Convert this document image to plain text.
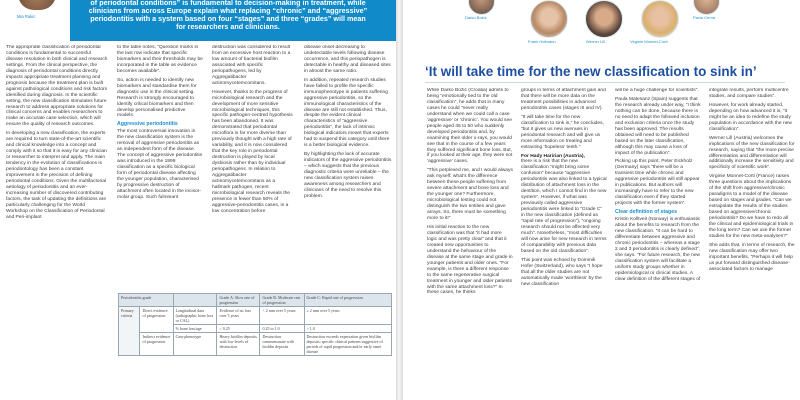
Mia Rakic
of periodontal conditions” is fundamental to decision-making in treatment, while clinicians from across Europe explain what replacing “chronic” and “aggressive” periodontitis with a system based on four “stages” and three “grades” will mean for researchers and clinicians.

The appropriate classification of periodontal conditions is fundamental to successful disease resolution in both clinical and research settings. From the clinical perspective, the diagnosis of periodontal conditions directly impacts appropriate treatment planning and prognosis because the treatment plan is built against pathological conditions and risk factors identified during diagnosis. In the scientific setting, the new classification stimulates future research to address appropriate solutions for clinical concerns and enables researchers to make an accurate case selection, which will ensure the quality of research outcomes.

In developing a new classification, the experts are required to turn state-of-the-art scientific and clinical knowledge into a concept and comply with it so that it is easy for any clinician or researcher to interpret and apply. The main tendency in the evolution of classifications is periodontology has been a constant improvement in the precision of defining periodontal conditions. Given the multifactorial aetiology of periodontitis and an ever-increasing number of discovered contributing factors, the task of updating the definitions are particularly challenging for the World Workshop on the Classification of Periodontal and Peri-implant

to the table notes, “Question marks in the last row indicate that specific biomarkers and their thresholds may be incorporated in the table as evidence becomes available”.

So, action is needed to identify new biomarkers and standardise them for diagnostic use in the clinical setting. Research is strongly encouraged to identify critical biomarkers and then develop personalised predictive models.

Aggressive periodontitis

The most controversial innovation in the new classification system is the removal of aggressive periodontitis as an independent form of the disease. The concept of aggressive periodontitis was introduced in the 1999 classification as a specific biological form of periodontal disease affecting the younger population, characterised by progressive destruction of attachment often located in the incisor-molar group. Such fulminant

destruction was considered to result from an excessive host reaction to a low amount of bacterial biofilm associated with specific periopathogens, led by Aggregatibacter actinomycetemcomitans.

However, thanks to the progress of microbiological research and the development of more sensitive microbiological techniques, this specific pathogen-centred hypothesis has been abandoned. It was demonstrated that periodontal microflora is far more diverse than previously thought with a high rate of variability, and it is now considered that the key role in periodontal destruction is played by local dysbiosis rather than by individual periopathogens. In relation to Aggregatibacter actinomycetemcomitans as a hallmark pathogen, recent microbiological research reveals the presence in fewer than 50% of aggressive-periodontitis cases, in a low concentration before

disease onset decreasing to undetectable levels following disease occurrence, and this periopathogen is detectable in healthy and diseased sites in almost the same ratio.

In addition, repeated research studies have failed to profile the specific immunophenotype in patients suffering aggressive periodontitis, so the immunological characteristics of the disease are still not established. Thus, despite the evident clinical characteristics of “aggressive periodontitis”, the lack of intrinsic biological indicators meant that experts had to suspend this category until there is a better biological evidence.

By highlighting the lack of accurate indicators of the aggressive periodontitis – which suggests that the previous diagnostic criteria were unreliable – the new classification system raises awareness among researchers and clinicians of the need to resolve this problem.

Periodontitis grade			Grade A: Slow rate of progression	Grade B: Moderate rate of progression	Grade C: Rapid rate of progression
Primary criteria	Direct evidence of progression	Longitudinal data (radiographic bone loss or CAL)	Evidence of no loss over 5 years	< 2 mm over 5 years	≥ 2 mm over 5 years
		% bone loss/age	< 0.25	0.25 to 1.0	> 1.0
	Indirect evidence of progression	Case phenotype	Heavy biofilm deposits with low levels of destruction	Destruction commensurate with biofilm deposits	Destruction exceeds expectation given biofilm deposits; specific clinical patterns suggestive of periods of rapid progression and/or early onset disease
Darko Božić
Frank Hofmann	Werner Lill	Virginie Monnet-Corti
Pavla Cerná
‘It will take time for the new classification to sink in’

While Darko Božić (Croatia) admits to being “emotionally tied to the old classification”, he adds that in many cases he could “never really understand when we could call a case ‘aggressive’ or ‘chronic’. You would see people aged 45 to 50 who suddenly developed periodontitis and, by examining their older x-rays, you would see that in the course of a few years they suffered significant bone loss. But, if you looked at their age, they were not ‘aggressive’ cases.

“This perplexed me, and I would always ask myself: what’s the difference between these people suffering from severe attachment and bone loss and the younger one? Furthermore, microbiological testing could not distinguish the two entities and gave arrays. So, there must be something more to it!”

His initial reaction to the new classification was that “it had more logic and was pretty clear” and that it created new opportunities to understand the behaviour of the disease at the same stage and grade in younger patients and older ones. “For example, is there a different response to the same regenerative surgical treatment in younger and older patients with the same attachment loss?” In these cases, he thinks

groups in terms of attachment gain and that there will be more data on the treatment possibilities in advanced periodontitis cases (stages III and IV).

“It will take time for the new classification to sink in,” he concludes, “but it gives us new avenues in periodontal research and will give us more information on treating and extracting ‘hopeless’ teeth.”

For Hady Haririan (Austria),

there is a risk that the new classification “might bring some confusion” because “aggressive periodontitis was also linked to a typical distribution of attachment loss in the dentition, which I cannot find in the new system”. However, if what was previously called aggressive periodontitis were linked to “Grade C” in the new classification (defined as “rapid rate of progression”), “ongoing research should not be affected very much”. Nonetheless, “most difficulties will now arise for new research in terms of comparability with previous data based on the old classification”.

This point was echoed by Dominik Hofer (Switzerland), who says “I hope that all the older studies are not automatically made ‘worthless’ by the new classification

will be a huge challenge for scientists”.

Paula Matesanz (Spain) suggests that the research already under way, “I think nothing can be done, because there is no need to adapt the followed inclusion and exclusion criteria once the study has been approved. The results obtained will need to be published based on the later classification, although this may cause a loss of impact of the publication”.

Picking up this point, Peter Eickholz (Germany) says “there will be a transient time while chronic and aggressive periodontitis will still appear in publications. But authors will increasingly have to refer to the new classification even if they started projects with the former system”.

Clear definition of stages

Kristin Kolltveit (Norway) is enthusiastic about the benefits to research from the new classification. “It can be hard to differentiate between aggressive and chronic periodontitis – whereas a stage 2 and 3 periodontitis is clearly defined”, she says. “For future research, the new classification system will facilitate a uniform study groups whether in epidemiological or clinical studies. A clear definition of the different stages of

integrate results, perform multicentre studies, and compare studies”.

However, for work already started, depending on how advanced it is, “it might be an idea to redefine the study population in accordance with the new classification”.

Werner Lill (Austria) welcomes the implications of the new classification for research, saying that “the more precise differentiation and differentiation will additionally increase the sensitivity and specificity of scientific work”.

Virginie Monnet-Corti (France) raises three questions about the implications of the shift from aggressive/chronic paradigms to a model of the disease based on stages and grades. “Can we extrapolate the results of the studies based on aggressive/chronic periodontitis? Do we have to redo all the clinical and epidemiological trials in the long term? Can we use the former studies for the new meta-analyses?”

She adds that, in terms of research, the new classification may offer two important benefits. “Perhaps it will help us put forward distinguished disease-associated factors to manage
